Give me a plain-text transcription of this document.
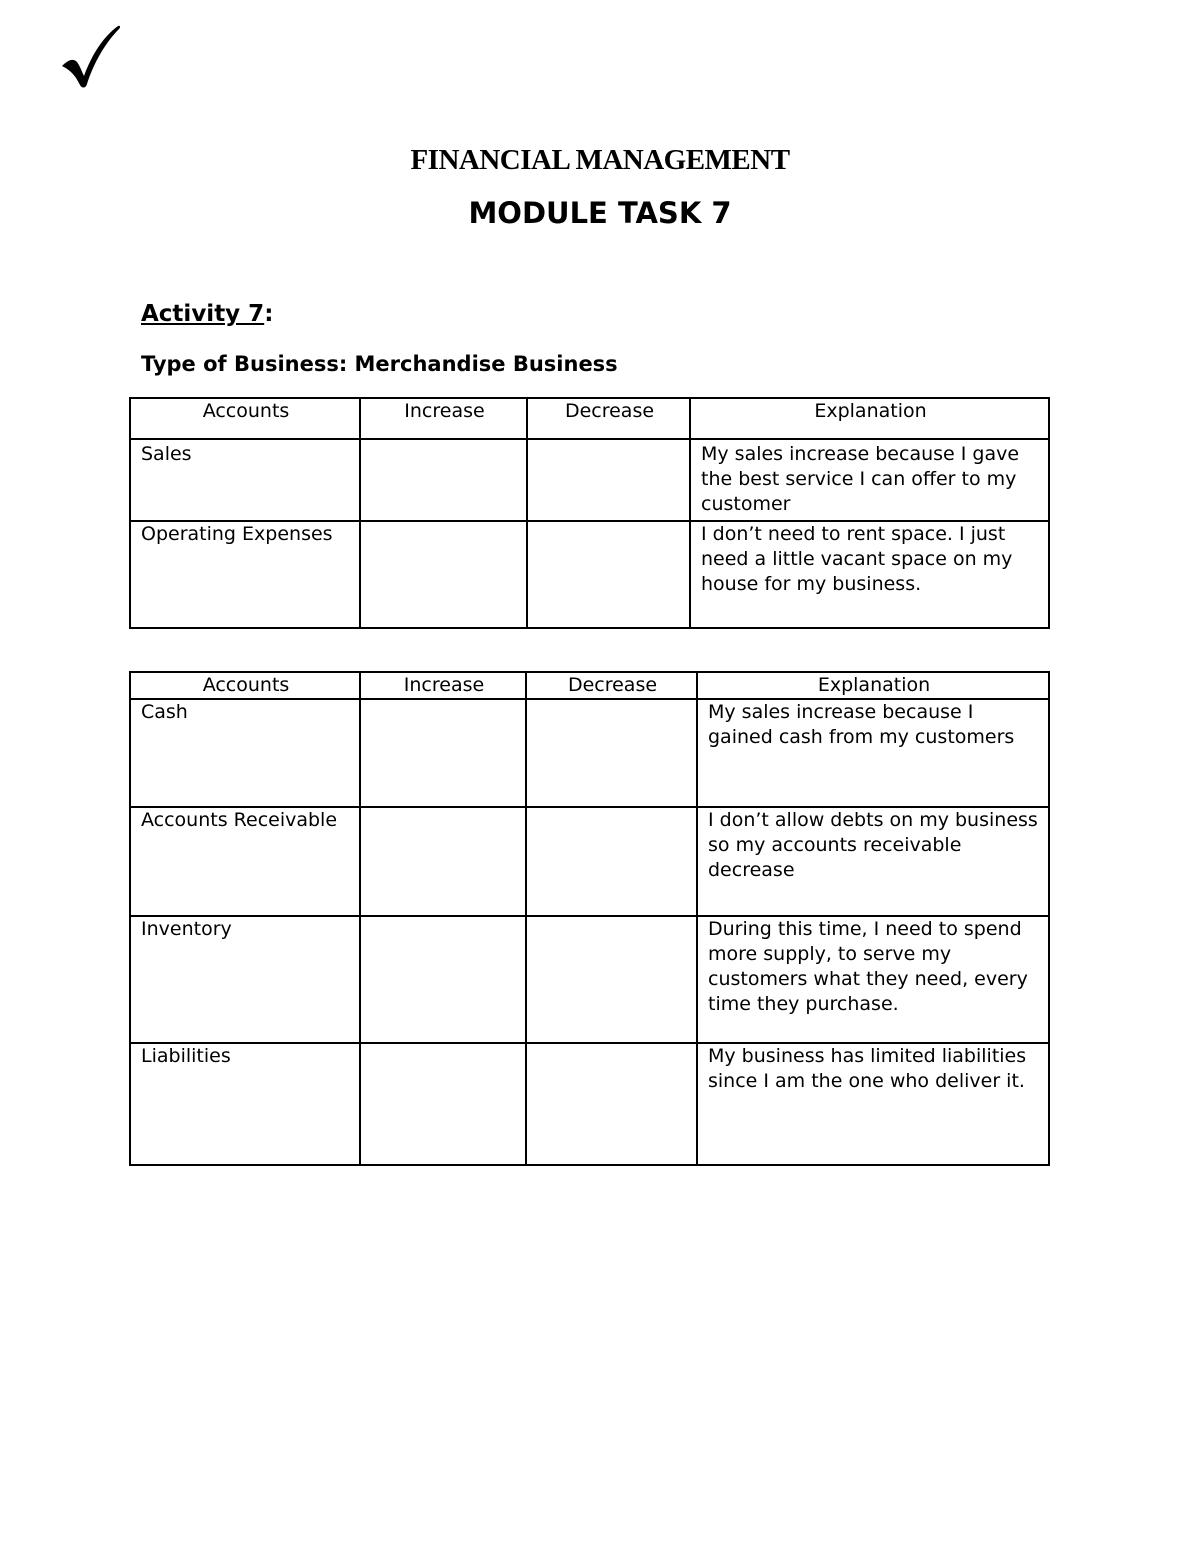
FINANCIAL MANAGEMENT
MODULE TASK 7
Activity 7:
Type of Business: Merchandise Business
Accounts	Increase	Decrease	Explanation
Sales			My sales increase because I gave the best service I can offer to my customer
Operating Expenses			I don’t need to rent space. I just need a little vacant space on my house for my business.
Accounts	Increase	Decrease	Explanation
Cash			My sales increase because I gained cash from my customers
Accounts Receivable			I don’t allow debts on my business so my accounts receivable decrease
Inventory			During this time, I need to spend more supply, to serve my customers what they need, every time they purchase.
Liabilities			My business has limited liabilities since I am the one who deliver it.
